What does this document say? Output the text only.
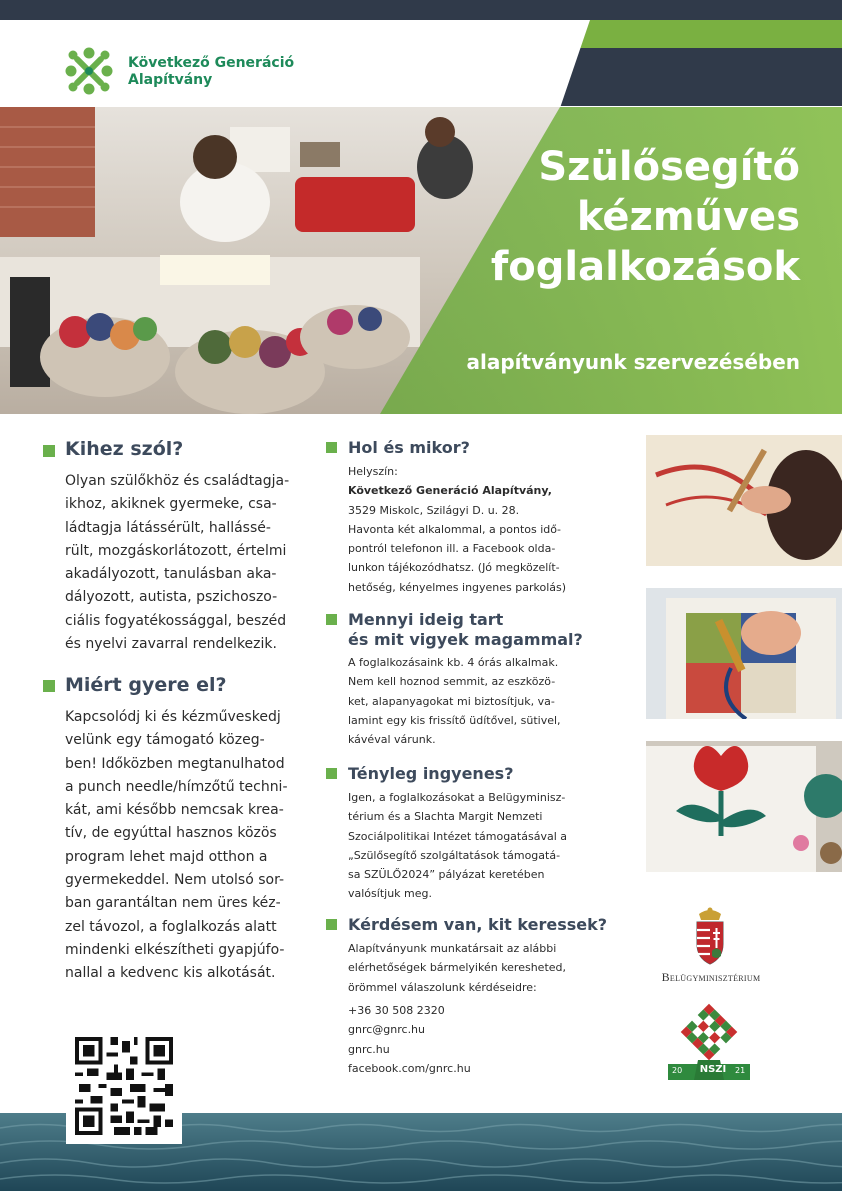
Következő Generáció
Alapítvány
Szülősegítő
kézműves
foglalkozások
alapítványunk szervezésében
Kihez szól?
Olyan szülőkhöz és családtagja-
ikhoz, akiknek gyermeke, csa-
ládtagja látássérült, hallássé-
rült, mozgáskorlátozott, értelmi
akadályozott, tanulásban aka-
dályozott, autista, pszichoszo-
ciális fogyatékossággal, beszéd
és nyelvi zavarral rendelkezik.
Miért gyere el?
Kapcsolódj ki és kézműveskedj
velünk egy támogató közeg-
ben! Időközben megtanulhatod
a punch needle/hímzőtű techni-
kát, ami később nemcsak krea-
tív, de egyúttal hasznos közös
program lehet majd otthon a
gyermekeddel. Nem utolsó sor-
ban garantáltan nem üres kéz-
zel távozol, a foglalkozás alatt
mindenki elkészítheti gyapjúfo-
nallal a kedvenc kis alkotását.
Hol és mikor?
Helyszín:
Következő Generáció Alapítvány,
3529 Miskolc, Szilágyi D. u. 28.
Havonta két alkalommal, a pontos idő-
pontról telefonon ill. a Facebook olda-
lunkon tájékozódhatsz. (Jó megközelít-
hetőség, kényelmes ingyenes parkolás)
Mennyi ideig tart
és mit vigyek magammal?
A foglalkozásaink kb. 4 órás alkalmak.
Nem kell hoznod semmit, az eszközö-
ket, alapanyagokat mi biztosítjuk, va-
lamint egy kis frissítő üdítővel, sütivel,
kávéval várunk.
Tényleg ingyenes?
Igen, a foglalkozásokat a Belügyminisz-
térium és a Slachta Margit Nemzeti
Szociálpolitikai Intézet támogatásával a
„Szülősegítő szolgáltatások támogatá-
sa SZÜLŐ2024” pályázat keretében
valósítjuk meg.
Kérdésem van, kit keressek?
Alapítványunk munkatársait az alábbi
elérhetőségek bármelyikén keresheted,
örömmel válaszolunk kérdéseidre:
+36 30 508 2320
gnrc@gnrc.hu
gnrc.hu
facebook.com/gnrc.hu
Belügyminisztérium
20 NSZI	21
